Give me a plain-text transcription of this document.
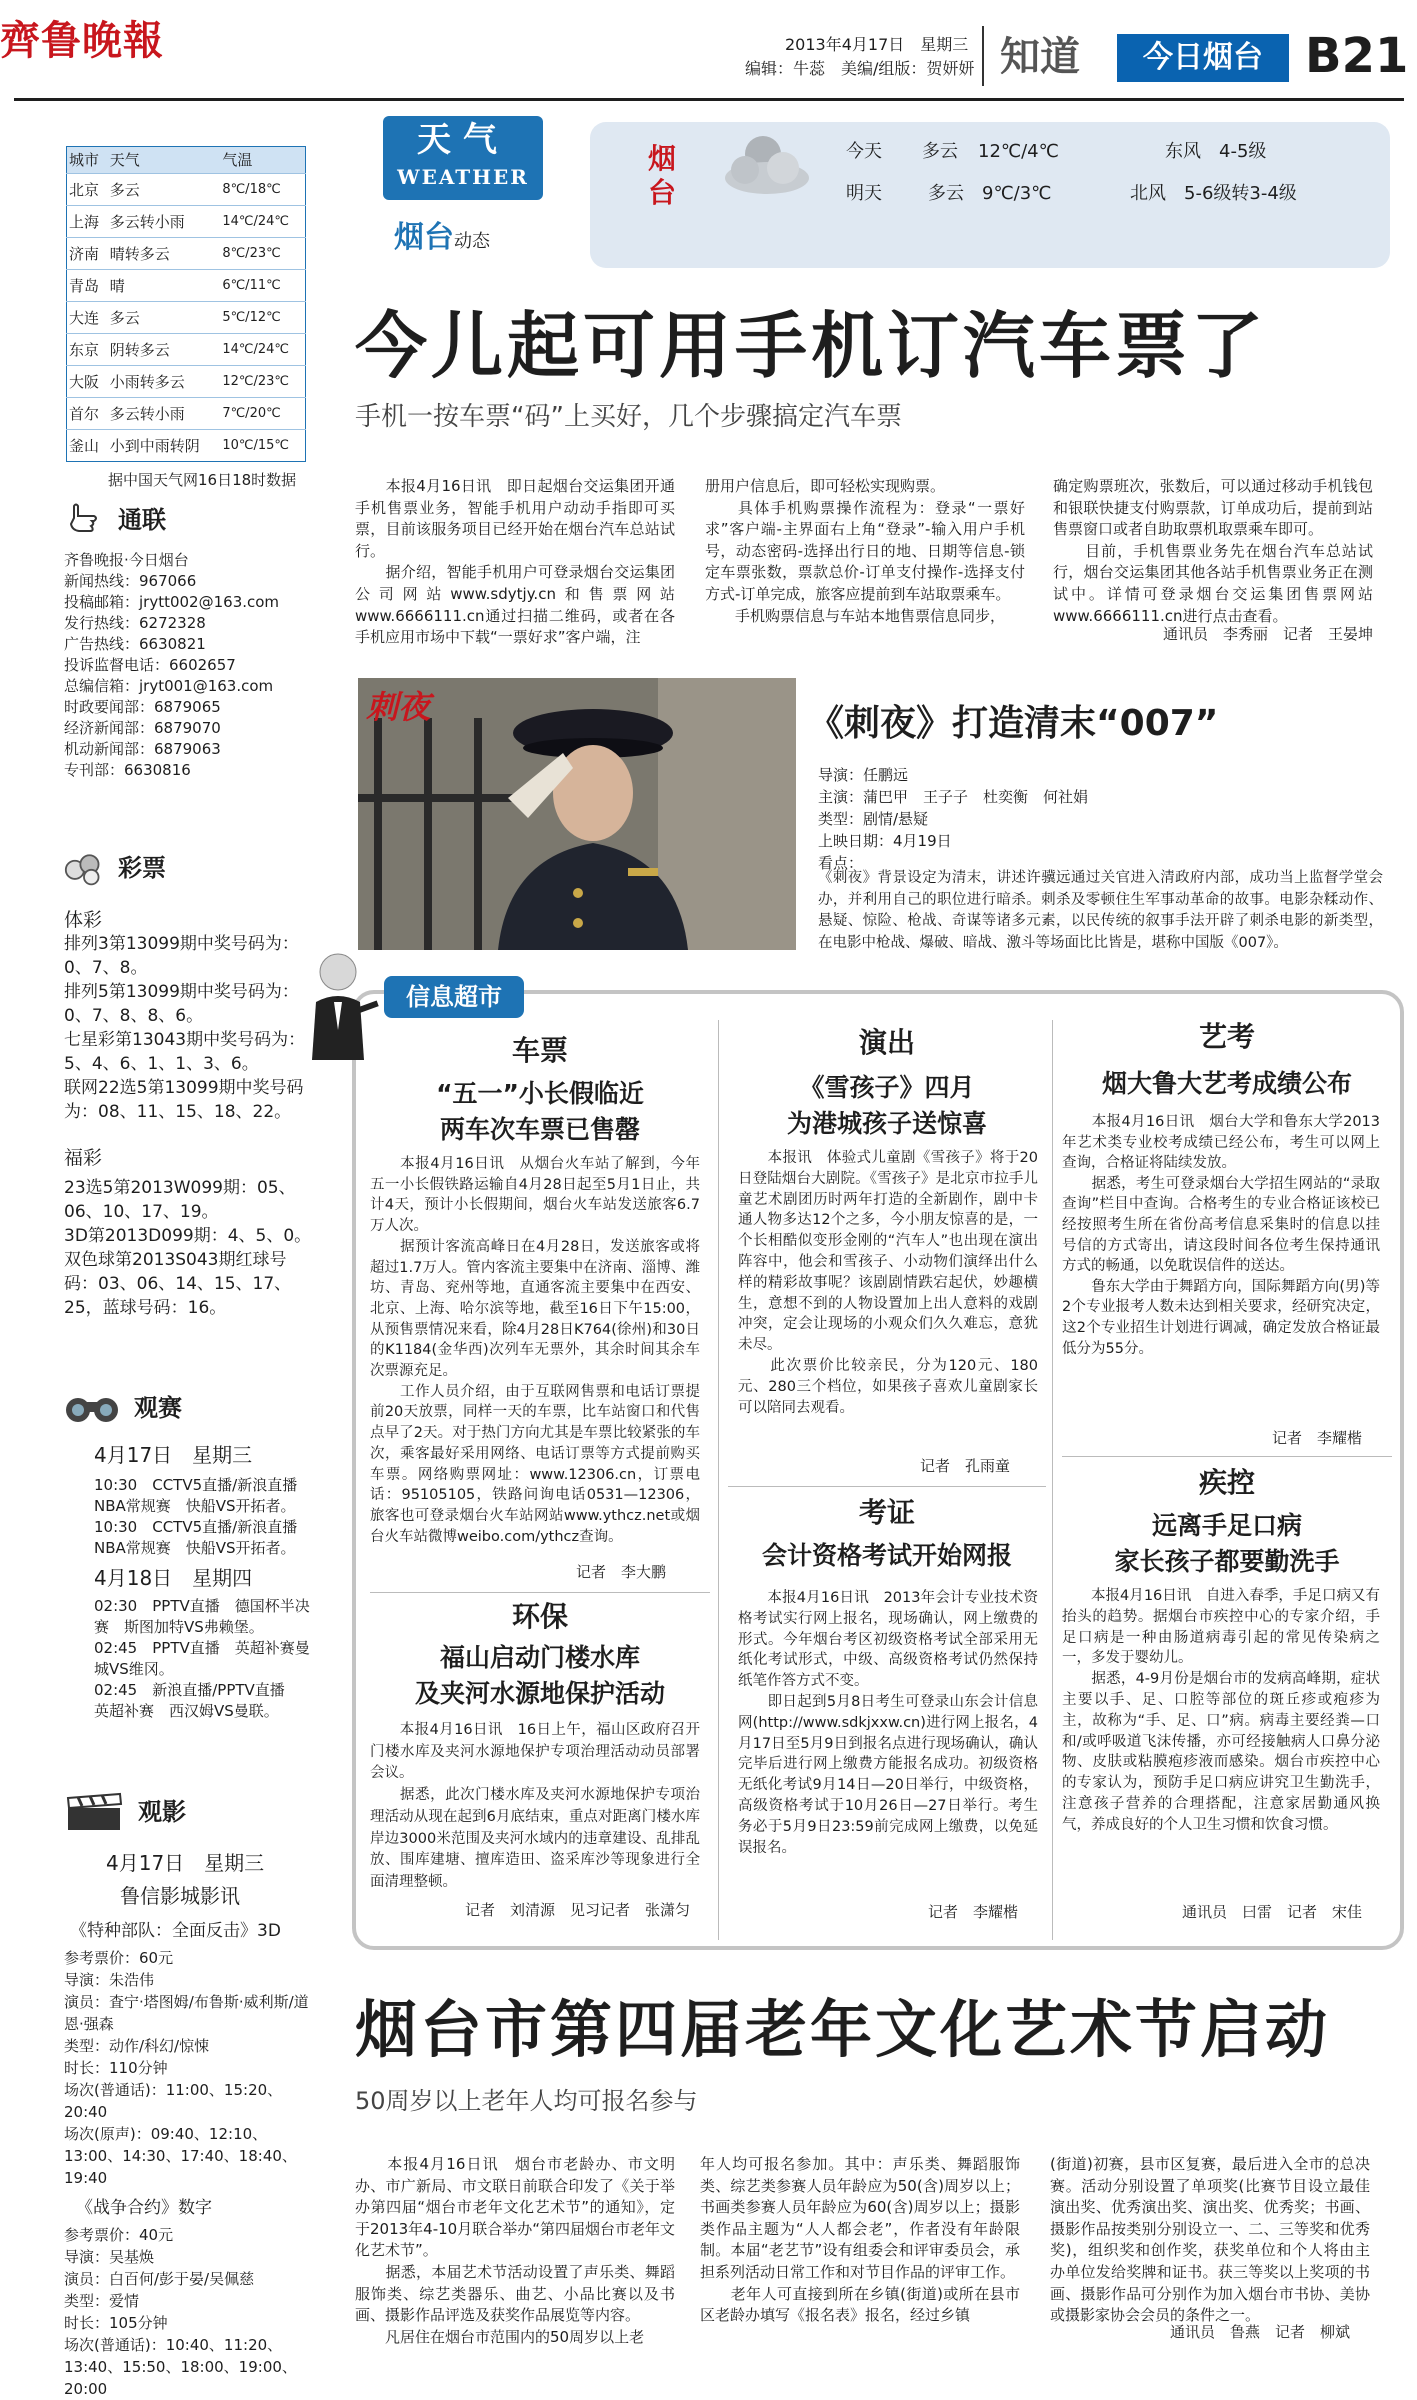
齊鲁晚報	2013年4月17日　星期三
编辑：牛蕊　美编/组版：贺妍妍 知道	今日烟台 B21
城市	天气	气温
北京	多云	8℃/18℃
上海	多云转小雨	14℃/24℃
济南	晴转多云	8℃/23℃
青岛	晴	6℃/11℃
大连	多云	5℃/12℃
东京	阴转多云	14℃/24℃
大阪	小雨转多云	12℃/23℃
首尔	多云转小雨	7℃/20℃
釜山	小到中雨转阴	10℃/15℃
据中国天气网16日18时数据
通联
齐鲁晚报·今日烟台
新闻热线：967066
投稿邮箱：jrytt002@163.com
发行热线：6272328
广告热线：6630821
投诉监督电话：6602657
总编信箱：jryt001@163.com
时政要闻部：6879065
经济新闻部：6879070
机动新闻部：6879063
专刊部：6630816
彩票
体彩
排列3第13099期中奖号码为：0、7、8。
排列5第13099期中奖号码为：0、7、8、8、6。
七星彩第13043期中奖号码为：5、4、6、1、1、3、6。
联网22选5第13099期中奖号码为：08、11、15、18、22。
福彩
23选5第2013W099期：05、06、10、17、19。
3D第2013D099期：4、5、0。
双色球第2013S043期红球号码：03、06、14、15、17、25，蓝球号码：16。
观赛
4月17日　星期三
10:30　CCTV5直播/新浪直播　NBA常规赛　快船VS开拓者。
10:30　CCTV5直播/新浪直播　NBA常规赛　快船VS开拓者。
4月18日　星期四
02:30　PPTV直播　德国杯半决赛　斯图加特VS弗赖堡。
02:45　PPTV直播　英超补赛曼城VS维冈。
02:45　新浪直播/PPTV直播　英超补赛　西汉姆VS曼联。
观影
4月17日　星期三
鲁信影城影讯
《特种部队：全面反击》3D
参考票价：60元
导演：朱浩伟
演员：査宁·塔图姆/布鲁斯·威利斯/道恩·强森
类型：动作/科幻/惊悚
时长：110分钟
场次(普通话)：11:00、15:20、20:40
场次(原声)：09:40、12:10、13:00、14:30、17:40、18:40、19:40
《战争合约》数字
参考票价：40元
导演：吴基焕
演员：白百何/彭于晏/吴佩慈
类型：爱情
时长：105分钟
场次(普通话)：10:40、11:20、13:40、15:50、18:00、19:00、20:00
天气
WEATHER
烟台动态
烟台
今天 多云 12℃/4℃	东风　4-5级
明天	多云 9℃/3℃	北风　5-6级转3-4级
今儿起可用手机订汽车票了
手机一按车票“码”上买好，几个步骤搞定汽车票
　　本报4月16日讯　即日起烟台交运集团开通手机售票业务，智能手机用户动动手指即可买票，目前该服务项目已经开始在烟台汽车总站试行。
　　据介绍，智能手机用户可登录烟台交运集团公司网站www.sdytjy.cn和售票网站www.6666111.cn通过扫描二维码，或者在各手机应用市场中下载“一票好求”客户端，注
册用户信息后，即可轻松实现购票。
　　具体手机购票操作流程为：登录“一票好求”客户端-主界面右上角“登录”-输入用户手机号，动态密码-选择出行日的地、日期等信息-锁定车票张数，票款总价-订单支付操作-选择支付方式-订单完成，旅客应提前到车站取票乘车。
　　手机购票信息与车站本地售票信息同步，
确定购票班次，张数后，可以通过移动手机钱包和银联快捷支付购票款，订单成功后，提前到站售票窗口或者自助取票机取票乘车即可。
　　目前，手机售票业务先在烟台汽车总站试行，烟台交运集团其他各站手机售票业务正在测试中。详情可登录烟台交运集团售票网站www.6666111.cn进行点击查看。
通讯员　李秀丽　记者　王晏坤
刺夜	《刺夜》打造清末“007”
导演：任鹏远
主演：蒲巴甲　王子子　杜奕衡　何社娟
类型：剧情/悬疑
上映日期：4月19日
看点：
《刺夜》背景设定为清末，讲述许骥远通过关官进入清政府内部，成功当上监督学堂会办，并利用自己的职位进行暗杀。刺杀及零顿住生军事动革命的故事。电影杂糅动作、悬疑、惊险、枪战、奇谋等诸多元素，以民传统的叙事手法开辟了刺杀电影的新类型，在电影中枪战、爆破、暗战、激斗等场面比比皆是，堪称中国版《007》。
信息超市
车票
“五一”小长假临近
两车次车票已售罄
　　本报4月16日讯　从烟台火车站了解到，今年五一小长假铁路运输自4月28日起至5月1日止，共计4天，预计小长假期间，烟台火车站发送旅客6.7万人次。
　　据预计客流高峰日在4月28日，发送旅客或将超过1.7万人。管内客流主要集中在济南、淄博、潍坊、青岛、兖州等地，直通客流主要集中在西安、北京、上海、哈尔滨等地，截至16日下午15:00，从预售票情况来看，除4月28日K764(徐州)和30日的K1184(金华西)次列车无票外，其余时间其余车次票源充足。
　　工作人员介绍，由于互联网售票和电话订票提前20天放票，同样一天的车票，比车站窗口和代售点早了2天。对于热门方向尤其是车票比较紧张的车次，乘客最好采用网络、电话订票等方式提前购买车票。网络购票网址：www.12306.cn，订票电话：95105105，铁路问询电话0531—12306，旅客也可登录烟台火车站网站www.ythcz.net或烟台火车站微博weibo.com/ythcz查询。
记者　李大鹏
环保
福山启动门楼水库
及夹河水源地保护活动
　　本报4月16日讯　16日上午，福山区政府召开门楼水库及夹河水源地保护专项治理活动动员部署会议。
　　据悉，此次门楼水库及夹河水源地保护专项治理活动从现在起到6月底结束，重点对距离门楼水库岸边3000米范围及夹河水域内的违章建设、乱排乱放、围库建塘、擅库造田、盗采库沙等现象进行全面清理整顿。
记者　刘清源　见习记者　张潇匀
演出
《雪孩子》四月
为港城孩子送惊喜
　　本报讯　体验式儿童剧《雪孩子》将于20日登陆烟台大剧院。《雪孩子》是北京市拉手儿童艺术剧团历时两年打造的全新剧作，剧中卡通人物多达12个之多，今小朋友惊喜的是，一个长相酷似变形金刚的“汽车人”也出现在演出阵容中，他会和雪孩子、小动物们演绎出什么样的精彩故事呢？该剧剧情跌宕起伏，妙趣横生，意想不到的人物设置加上出人意料的戏剧冲突，定会让现场的小观众们久久难忘，意犹未尽。
　　此次票价比较亲民，分为120元、180元、280三个档位，如果孩子喜欢儿童剧家长可以陪同去观看。
记者　孔雨童
考证
会计资格考试开始网报
　　本报4月16日讯　2013年会计专业技术资格考试实行网上报名，现场确认，网上缴费的形式。今年烟台考区初级资格考试全部采用无纸化考试形式，中级、高级资格考试仍然保持纸笔作答方式不变。
　　即日起到5月8日考生可登录山东会计信息网(http://www.sdkjxxw.cn)进行网上报名，4月17日至5月9日到报名点进行现场确认，确认完毕后进行网上缴费方能报名成功。初级资格无纸化考试9月14日—20日举行，中级资格，高级资格考试于10月26日—27日举行。考生务必于5月9日23:59前完成网上缴费，以免延误报名。
记者　李耀楷
艺考
烟大鲁大艺考成绩公布
　　本报4月16日讯　烟台大学和鲁东大学2013年艺术类专业校考成绩已经公布，考生可以网上查询，合格证将陆续发放。
　　据悉，考生可登录烟台大学招生网站的“录取查询”栏目中查询。合格考生的专业合格证该校已经按照考生所在省份高考信息采集时的信息以挂号信的方式寄出，请这段时间各位考生保持通讯方式的畅通，以免耽误信件的送达。
　　鲁东大学由于舞蹈方向，国际舞蹈方向(男)等2个专业报考人数未达到相关要求，经研究决定，这2个专业招生计划进行调减，确定发放合格证最低分为55分。
记者　李耀楷
疾控
远离手足口病
家长孩子都要勤洗手
　　本报4月16日讯　自进入春季，手足口病又有抬头的趋势。据烟台市疾控中心的专家介绍，手足口病是一种由肠道病毒引起的常见传染病之一，多发于婴幼儿。
　　据悉，4-9月份是烟台市的发病高峰期，症状主要以手、足、口腔等部位的斑丘疹或疱疹为主，故称为“手、足、口”病。病毒主要经粪—口和/或呼吸道飞沫传播，亦可经接触病人口鼻分泌物、皮肤或粘膜疱疹液而感染。烟台市疾控中心的专家认为，预防手足口病应讲究卫生勤洗手，注意孩子营养的合理搭配，注意家居勤通风换气，养成良好的个人卫生习惯和饮食习惯。
通讯员　曰雷　记者　宋佳
烟台市第四届老年文化艺术节启动
50周岁以上老年人均可报名参与
　　本报4月16日讯　烟台市老龄办、市文明办、市广新局、市文联日前联合印发了《关于举办第四届“烟台市老年文化艺术节”的通知》，定于2013年4-10月联合举办“第四届烟台市老年文化艺术节”。
　　据悉，本届艺术节活动设置了声乐类、舞蹈服饰类、综艺类器乐、曲艺、小品比赛以及书画、摄影作品评选及获奖作品展览等内容。
　　凡居住在烟台市范围内的50周岁以上老
年人均可报名参加。其中：声乐类、舞蹈服饰类、综艺类参赛人员年龄应为50(含)周岁以上；书画类参赛人员年龄应为60(含)周岁以上；摄影类作品主题为“人人都会老”，作者没有年龄限制。本届“老艺节”设有组委会和评审委员会，承担系列活动日常工作和对节目作品的评审工作。
　　老年人可直接到所在乡镇(街道)或所在县市区老龄办填写《报名表》报名，经过乡镇
(街道)初赛，县市区复赛，最后进入全市的总决赛。活动分别设置了单项奖(比赛节目设立最佳演出奖、优秀演出奖、演出奖、优秀奖；书画、摄影作品按类别分别设立一、二、三等奖和优秀奖)，组织奖和创作奖，获奖单位和个人将由主办单位发给奖牌和证书。获三等奖以上奖项的书画、摄影作品可分别作为加入烟台市书协、美协或摄影家协会会员的条件之一。
通讯员　鲁燕　记者　柳斌
